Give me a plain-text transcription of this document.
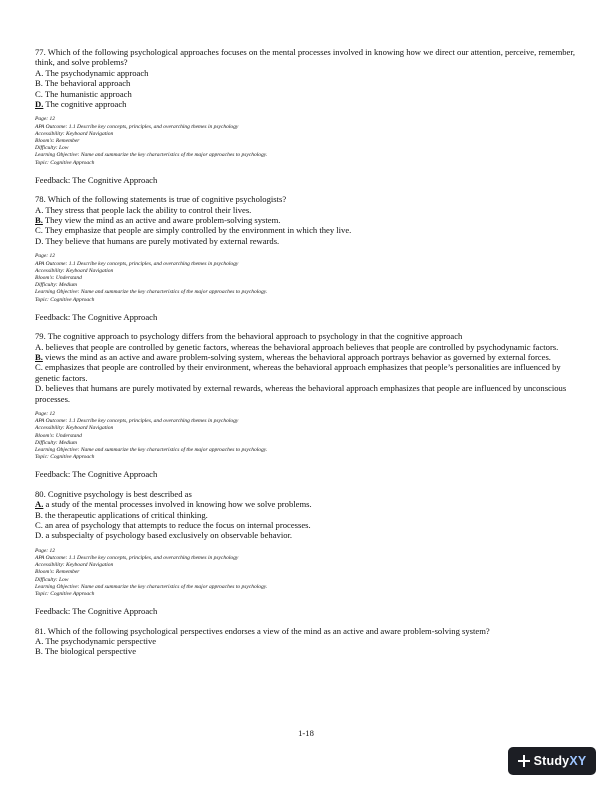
77. Which of the following psychological approaches focuses on the mental processes involved in knowing how we direct our attention, perceive, remember, think, and solve problems?
A. The psychodynamic approach
B. The behavioral approach
C. The humanistic approach
D. The cognitive approach
Page: 12
APA Outcome: 1.1 Describe key concepts, principles, and overarching themes in psychology
Accessibility: Keyboard Navigation
Bloom's: Remember
Difficulty: Low
Learning Objective: Name and summarize the key characteristics of the major approaches to psychology.
Topic: Cognitive Approach
Feedback: The Cognitive Approach
78. Which of the following statements is true of cognitive psychologists?
A. They stress that people lack the ability to control their lives.
B. They view the mind as an active and aware problem-solving system.
C. They emphasize that people are simply controlled by the environment in which they live.
D. They believe that humans are purely motivated by external rewards.
Page: 12
APA Outcome: 1.1 Describe key concepts, principles, and overarching themes in psychology
Accessibility: Keyboard Navigation
Bloom's: Understand
Difficulty: Medium
Learning Objective: Name and summarize the key characteristics of the major approaches to psychology.
Topic: Cognitive Approach
Feedback: The Cognitive Approach
79. The cognitive approach to psychology differs from the behavioral approach to psychology in that the cognitive approach
A. believes that people are controlled by genetic factors, whereas the behavioral approach believes that people are controlled by psychodynamic factors.
B. views the mind as an active and aware problem-solving system, whereas the behavioral approach portrays behavior as governed by external forces.
C. emphasizes that people are controlled by their environment, whereas the behavioral approach emphasizes that people’s personalities are influenced by genetic factors.
D. believes that humans are purely motivated by external rewards, whereas the behavioral approach emphasizes that people are influenced by unconscious processes.
Page: 12
APA Outcome: 1.1 Describe key concepts, principles, and overarching themes in psychology
Accessibility: Keyboard Navigation
Bloom's: Understand
Difficulty: Medium
Learning Objective: Name and summarize the key characteristics of the major approaches to psychology.
Topic: Cognitive Approach
Feedback: The Cognitive Approach
80. Cognitive psychology is best described as
A. a study of the mental processes involved in knowing how we solve problems.
B. the therapeutic applications of critical thinking.
C. an area of psychology that attempts to reduce the focus on internal processes.
D. a subspecialty of psychology based exclusively on observable behavior.
Page: 12
APA Outcome: 1.1 Describe key concepts, principles, and overarching themes in psychology
Accessibility: Keyboard Navigation
Bloom's: Remember
Difficulty: Low
Learning Objective: Name and summarize the key characteristics of the major approaches to psychology.
Topic: Cognitive Approach
Feedback: The Cognitive Approach
81. Which of the following psychological perspectives endorses a view of the mind as an active and aware problem-solving system?
A. The psychodynamic perspective
B. The biological perspective
1-18
StudyXY
